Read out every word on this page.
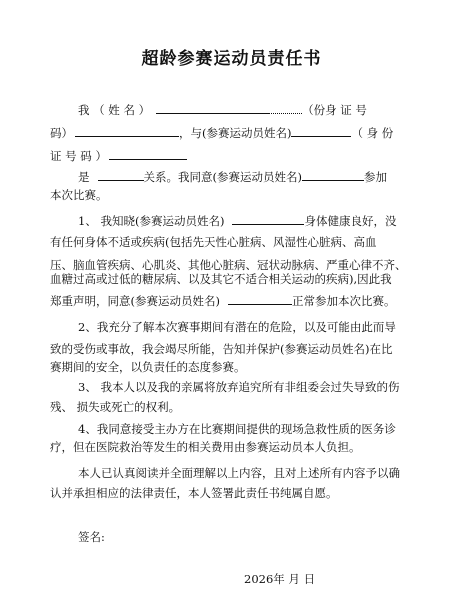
超龄参赛运动员责任书
我 （ 姓 名 ）	（份身 证 号
码）	，与(参赛运动员姓名)	（ 身 份
证 号 码 ）
是	关系。我同意(参赛运动员姓名)	参加
本次比赛。
1、 我知晓(参赛运动员姓名)	身体健康良好，没
有任何身体不适或疾病(包括先天性心脏病、风湿性心脏病、高血
压、脑血管疾病、心肌炎、其他心脏病、冠状动脉病、严重心律不齐、
血糖过高或过低的糖尿病、以及其它不适合相关运动的疾病),因此我
郑重声明，同意(参赛运动员姓名)	正常参加本次比赛。
2、我充分了解本次赛事期间有潜在的危险，以及可能由此而导
致的受伤或事故，我会竭尽所能，告知并保护(参赛运动员姓名)在比
赛期间的安全，以负责任的态度参赛。
3、 我本人以及我的亲属将放弃追究所有非组委会过失导致的伤
残、 损失或死亡的权利。
4、我同意接受主办方在比赛期间提供的现场急救性质的医务诊
疗，但在医院救治等发生的相关费用由参赛运动员本人负担。
本人已认真阅读并全面理解以上内容，且对上述所有内容予以确
认并承担相应的法律责任，本人签署此责任书纯属自愿。
签名:
2026年 月 日
